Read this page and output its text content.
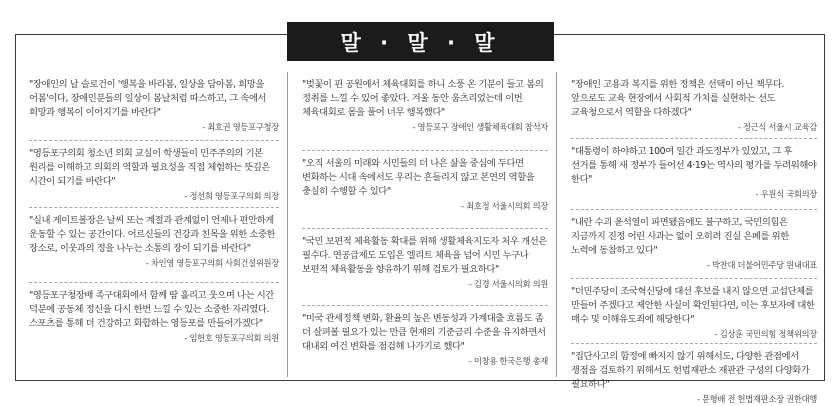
말 · 말 · 말
"장애인의 날 슬로건이 '행복을 바라봄, 일상을 담아봄, 희망을 어봄'이다, 장애인분들의 일상이 봄날처럼 따스하고, 그 속에서 희망과 행복이 이어지기를 바란다"
- 최호권 영등포구청장
"영등포구의회 청소년 의회 교실이 학생들이 민주주의의 기본 원리를 이해하고 의회의 역할과 필요성을 직접 체험하는 뜻깊은 시간이 되기를 바란다"
- 정선희 영등포구의회 의장
"실내 게이트볼장은 날씨 또는 계절과 관계없이 언제나 편안하게 운동할 수 있는 공간이다. 어르신들의 건강과 친목을 위한 소중한 장소로, 이웃과의 정을 나누는 소통의 장이 되기를 바란다"
- 차인영 영등포구의회 사회건설위원장
"영등포구청장배 족구대회에서 함께 땀 흘리고 웃으며 나는 시간 덕분에 공동체 정신을 다시 한번 느낄 수 있는 소중한 자리였다. 스포츠를 통해 더 건강하고 화합하는 영등포를 만들어가겠다"
- 임헌호 영등포구의회 의원
"벚꽃이 핀 공원에서 체육대회를 하니 소풍 온 기분이 들고 봄의 정취를 느낄 수 있어 좋았다. 겨울 동안 움츠리었는데 이번 체육대회로 몸을 풀어 너무 행복했다"
- 영등포구 장애인 생활체육대회 참석자
"오직 서울의 미래와 시민들의 더 나은 삶을 중심에 두다면 변화하는 시대 속에서도 우리는 흔들리지 않고 본연의 역할을 충실히 수행할 수 있다"
- 최호정 서울시의회 의장
"국민 보편적 체육활동 확대를 위해 생활체육지도자 처우 개선은 필수다. 연공급제도 도입은 엘리트 체육을 넘어 시민 누구나 보편적 체육활동을 향유하기 위해 검토가 필요하다"
- 김경 서울시의회 의원
"미국 관세정책 변화, 환율의 높은 변동성과 가계대출 흐름도 좀 더 살펴볼 필요가 있는 만큼 현재의 기준금리 수준을 유지하면서 대내외 여건 변화를 점검해 나가기로 했다"
- 이창용 한국은행 총재
"장애인 고용과 복지를 위한 정책은 선택이 아닌 책무다. 앞으로도 교육 현장에서 사회적 가치를 실현하는 선도 교육청으로서 역할을 다하겠다"
- 정근식 서울시 교육감
"대통령이 하야하고 100여 일간 과도정부가 있었고, 그 후 선거를 통해 새 정부가 들어선 4·19는 역사의 평가를 두려워해야 한다"
- 우원식 국회의장
"내란 수괴 윤석열이 파면됐음에도 불구하고, 국민의힘은 지금까지 진정 어린 사과는 없이 오히려 진실 은폐를 위한 노력에 동참하고 있다"
- 박찬대 더불어민주당 원내대표
"더민주당이 조국혁신당에 대선 후보를 내지 않으면 교섭단체를 만들어 주겠다고 제안한 사실이 확인된다면, 이는 후보자에 대한 매수 및 이해유도죄에 해당한다"
- 김상훈 국민의힘 정책위의장
"집단사고의 함정에 빠지지 않기 위해서도, 다양한 관점에서 쟁점을 검토하기 위해서도 헌법재판소 재판관 구성의 다양화가 필요하다"
- 문형배 전 헌법재판소장 권한대행
